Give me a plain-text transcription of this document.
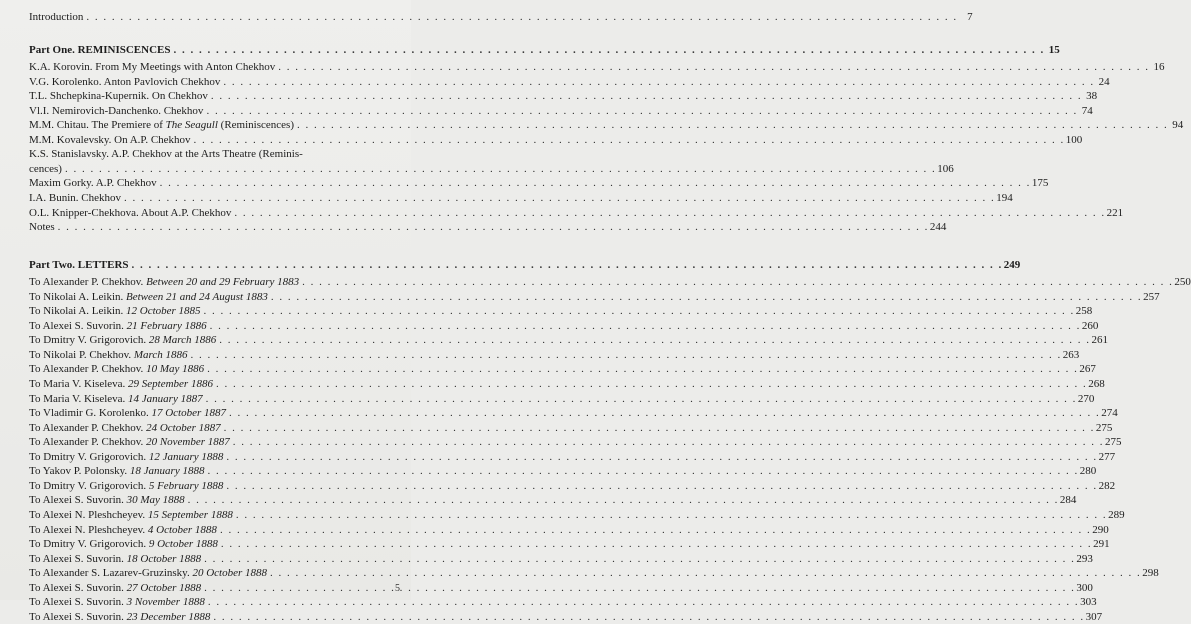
Introduction . . .	7
Part One. REMINISCENCES . . .	15
K.A. Korovin. From My Meetings with Anton Chekhov . . .	16
V.G. Korolenko. Anton Pavlovich Chekhov . . .	24
T.L. Shchepkina-Kupernik. On Chekhov . . .	38
Vl.I. Nemirovich-Danchenko. Chekhov . . .	74
M.M. Chitau. The Premiere of The Seagull (Reminiscences) . . .	94
M.M. Kovalevsky. On A.P. Chekhov . . .	100
K.S. Stanislavsky. A.P. Chekhov at the Arts Theatre (Reminis-
cences) . . .	106
Maxim Gorky. A.P. Chekhov . . .	175
I.A. Bunin. Chekhov . . .	194
O.L. Knipper-Chekhova. About A.P. Chekhov . . .	221
Notes . . .	244
Part Two. LETTERS . . .	249
To Alexander P. Chekhov. Between 20 and 29 February 1883 . . .	250
To Nikolai A. Leikin. Between 21 and 24 August 1883 . . .	257
To Nikolai A. Leikin. 12 October 1885 . . .	258
To Alexei S. Suvorin. 21 February 1886 . . .	260
To Dmitry V. Grigorovich. 28 March 1886 . . .	261
To Nikolai P. Chekhov. March 1886 . . .	263
To Alexander P. Chekhov. 10 May 1886 . . .	267
To Maria V. Kiseleva. 29 September 1886 . . .	268
To Maria V. Kiseleva. 14 January 1887 . . .	270
To Vladimir G. Korolenko. 17 October 1887 . . .	274
To Alexander P. Chekhov. 24 October 1887 . . .	275
To Alexander P. Chekhov. 20 November 1887 . . .	275
To Dmitry V. Grigorovich. 12 January 1888 . . .	277
To Yakov P. Polonsky. 18 January 1888 . . .	280
To Dmitry V. Grigorovich. 5 February 1888 . . .	282
To Alexei S. Suvorin. 30 May 1888 . . .	284
To Alexei N. Pleshcheyev. 15 September 1888 . . .	289
To Alexei N. Pleshcheyev. 4 October 1888 . . .	290
To Dmitry V. Grigorovich. 9 October 1888 . . .	291
To Alexei S. Suvorin. 18 October 1888 . . .	293
To Alexander S. Lazarev-Gruzinsky. 20 October 1888 . . .	298
To Alexei S. Suvorin. 27 October 1888 . . .	300
To Alexei S. Suvorin. 3 November 1888 . . .	303
To Alexei S. Suvorin. 23 December 1888 . . .	307
5
